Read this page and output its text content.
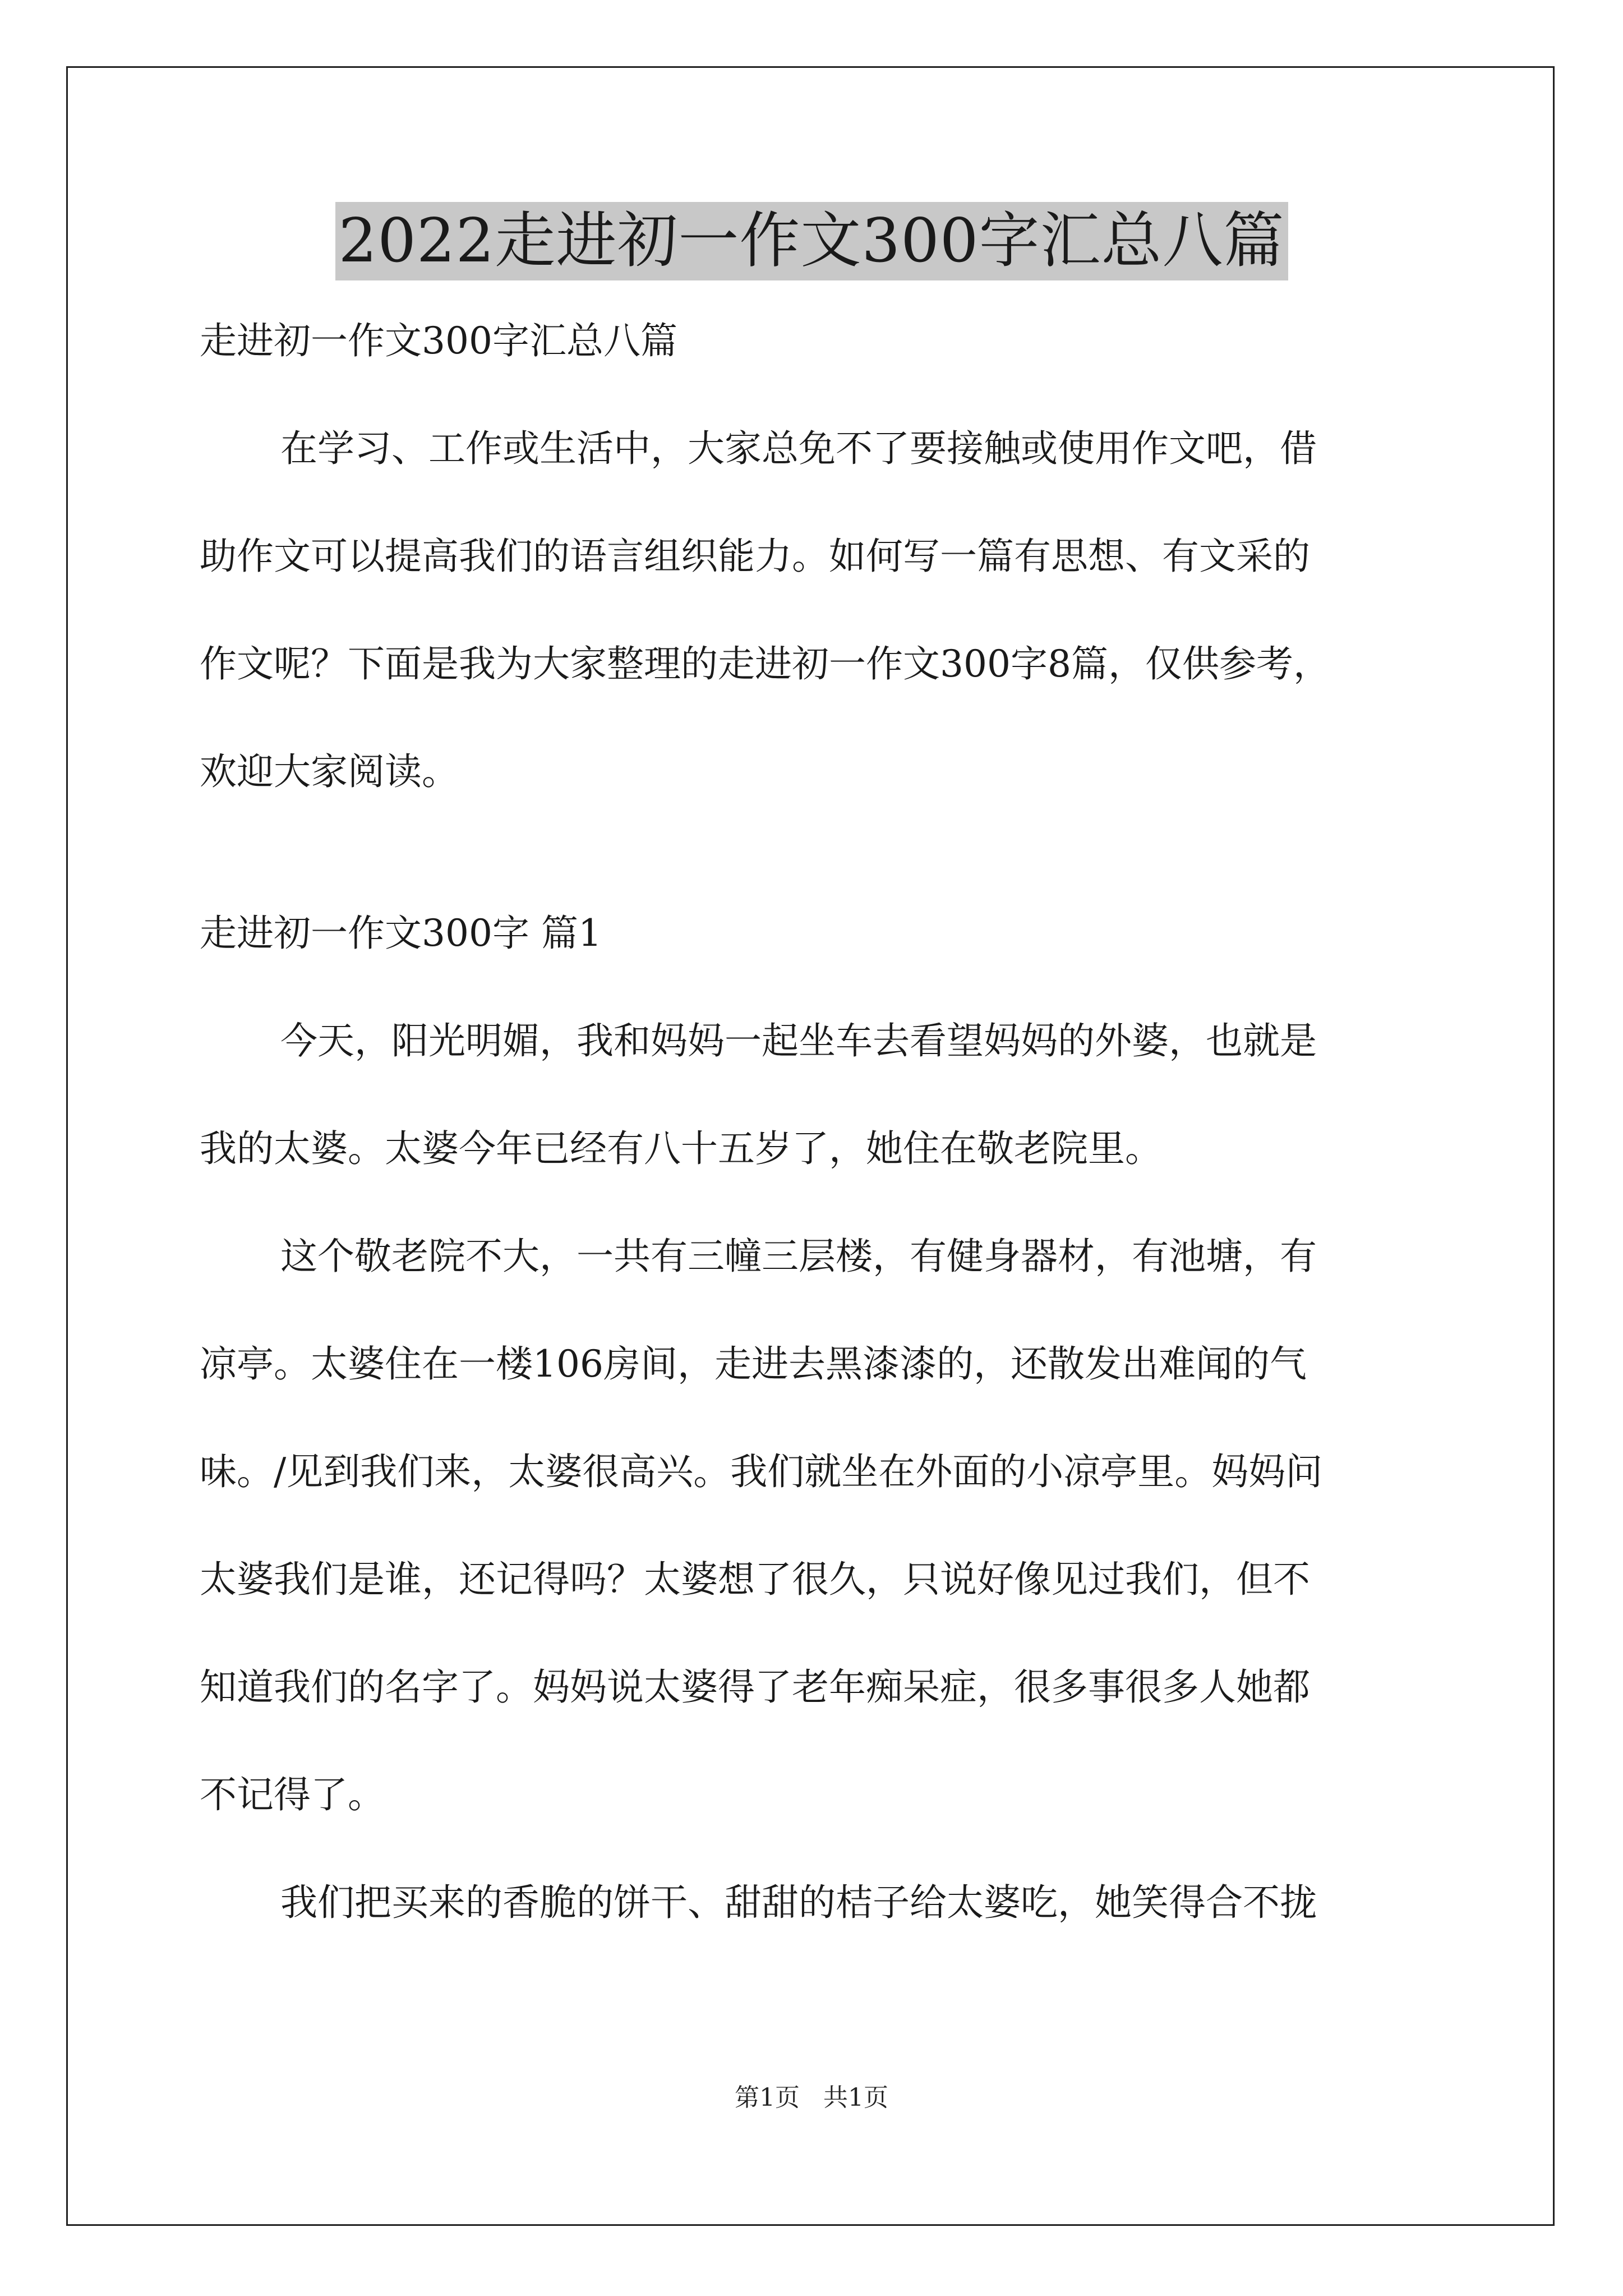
2022走进初一作文300字汇总八篇
走进初一作文300字汇总八篇
在学习、工作或生活中，大家总免不了要接触或使用作文吧，借
助作文可以提高我们的语言组织能力。如何写一篇有思想、有文采的
作文呢？下面是我为大家整理的走进初一作文300字8篇，仅供参考，
欢迎大家阅读。
走进初一作文300字 篇1
今天，阳光明媚，我和妈妈一起坐车去看望妈妈的外婆，也就是
我的太婆。太婆今年已经有八十五岁了，她住在敬老院里。
这个敬老院不大，一共有三幢三层楼，有健身器材，有池塘，有
凉亭。太婆住在一楼106房间，走进去黑漆漆的，还散发出难闻的气
味。/见到我们来，太婆很高兴。我们就坐在外面的小凉亭里。妈妈问
太婆我们是谁，还记得吗？太婆想了很久，只说好像见过我们，但不
知道我们的名字了。妈妈说太婆得了老年痴呆症，很多事很多人她都
不记得了。
我们把买来的香脆的饼干、甜甜的桔子给太婆吃，她笑得合不拢
第1页   共1页
